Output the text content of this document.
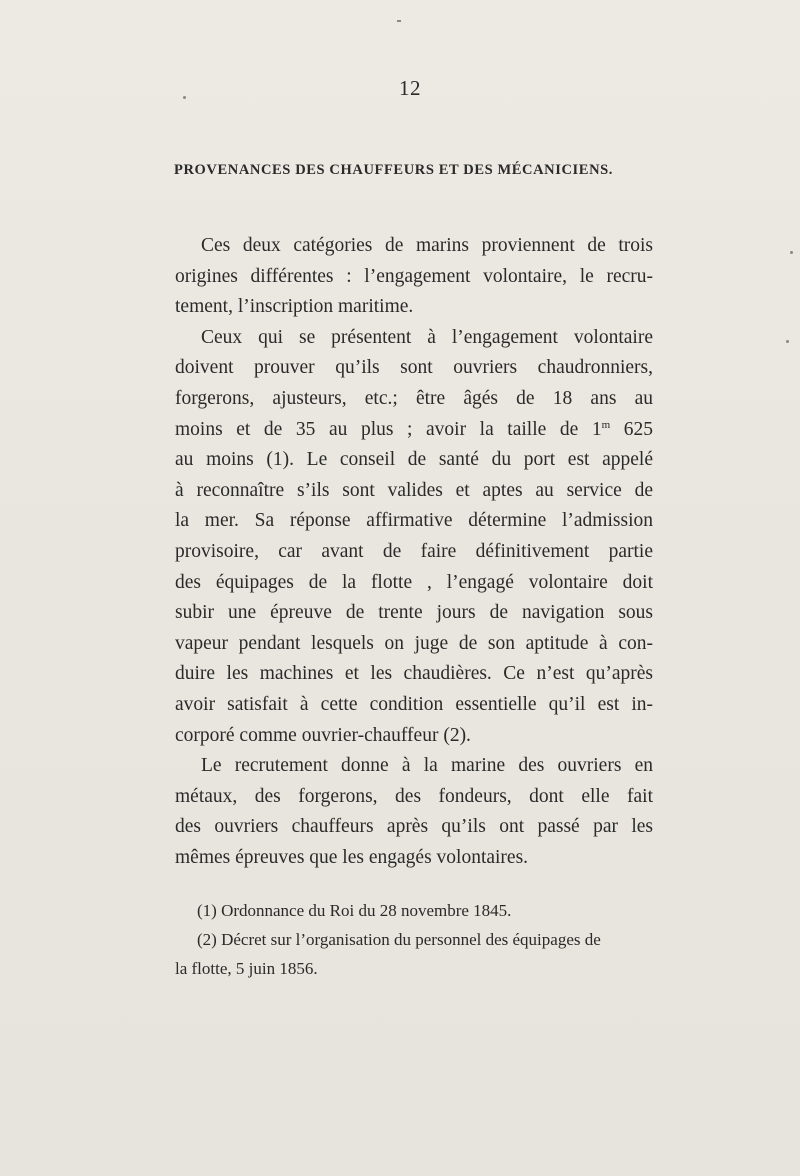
12
PROVENANCES DES CHAUFFEURS ET DES MÉCANICIENS.
Ces deux catégories de marins proviennent de trois
origines différentes : l’engagement volontaire, le recru-
tement, l’inscription maritime.
Ceux qui se présentent à l’engagement volontaire
doivent prouver qu’ils sont ouvriers chaudronniers,
forgerons, ajusteurs, etc.; être âgés de 18 ans au
moins et de 35 au plus ; avoir la taille de 1$^m$ 625
au moins (1). Le conseil de santé du port est appelé
à reconnaître s’ils sont valides et aptes au service de
la mer. Sa réponse affirmative détermine l’admission
provisoire, car avant de faire définitivement partie
des équipages de la flotte , l’engagé volontaire doit
subir une épreuve de trente jours de navigation sous
vapeur pendant lesquels on juge de son aptitude à con-
duire les machines et les chaudières. Ce n’est qu’après
avoir satisfait à cette condition essentielle qu’il est in-
corporé comme ouvrier-chauffeur (2).
Le recrutement donne à la marine des ouvriers en
métaux, des forgerons, des fondeurs, dont elle fait
des ouvriers chauffeurs après qu’ils ont passé par les
mêmes épreuves que les engagés volontaires.
(1) Ordonnance du Roi du 28 novembre 1845.
(2) Décret sur l’organisation du personnel des équipages de
la flotte, 5 juin 1856.
